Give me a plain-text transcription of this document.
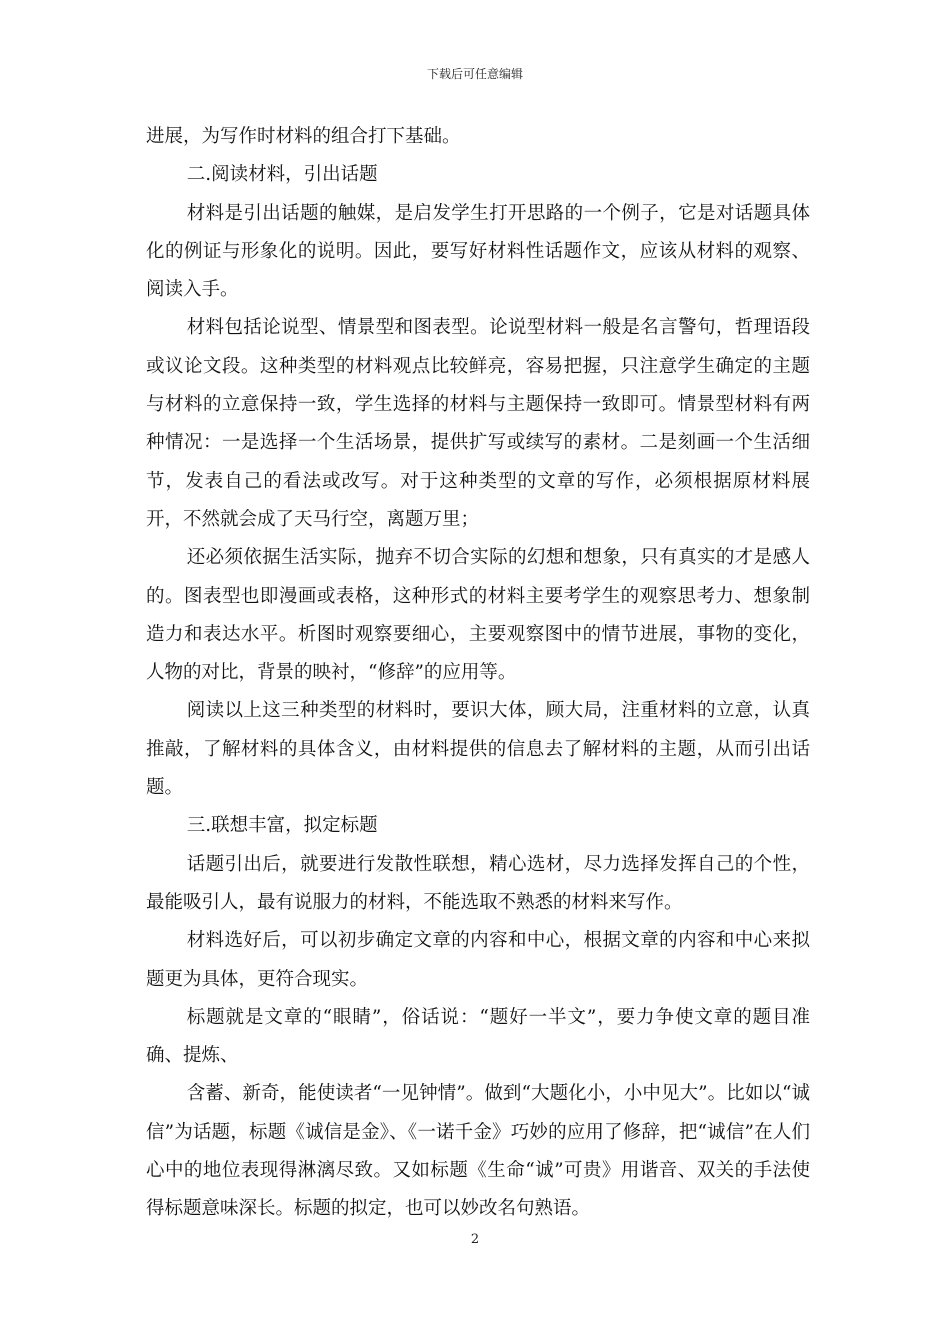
下载后可任意编辑

进展，为写作时材料的组合打下基础。

二.阅读材料，引出话题

材料是引出话题的触媒，是启发学生打开思路的一个例子，它是对话题具体化的例证与形象化的说明。因此，要写好材料性话题作文，应该从材料的观察、阅读入手。

材料包括论说型、情景型和图表型。论说型材料一般是名言警句，哲理语段或议论文段。这种类型的材料观点比较鲜亮，容易把握，只注意学生确定的主题与材料的立意保持一致，学生选择的材料与主题保持一致即可。情景型材料有两种情况：一是选择一个生活场景，提供扩写或续写的素材。二是刻画一个生活细节，发表自己的看法或改写。对于这种类型的文章的写作，必须根据原材料展开，不然就会成了天马行空，离题万里；

还必须依据生活实际，抛弃不切合实际的幻想和想象，只有真实的才是感人的。图表型也即漫画或表格，这种形式的材料主要考学生的观察思考力、想象制造力和表达水平。析图时观察要细心，主要观察图中的情节进展，事物的变化，人物的对比，背景的映衬，“修辞”的应用等。

阅读以上这三种类型的材料时，要识大体，顾大局，注重材料的立意，认真推敲，了解材料的具体含义，由材料提供的信息去了解材料的主题，从而引出话题。

三.联想丰富，拟定标题

话题引出后，就要进行发散性联想，精心选材，尽力选择发挥自己的个性，最能吸引人，最有说服力的材料，不能选取不熟悉的材料来写作。

材料选好后，可以初步确定文章的内容和中心，根据文章的内容和中心来拟题更为具体，更符合现实。

标题就是文章的“眼睛”，俗话说：“题好一半文”，要力争使文章的题目准确、提炼、

含蓄、新奇，能使读者“一见钟情”。做到“大题化小，小中见大”。比如以“诚信”为话题，标题《诚信是金》、《一诺千金》巧妙的应用了修辞，把“诚信”在人们心中的地位表现得淋漓尽致。又如标题《生命“诚”可贵》用谐音、双关的手法使得标题意味深长。标题的拟定，也可以妙改名句熟语。

2
